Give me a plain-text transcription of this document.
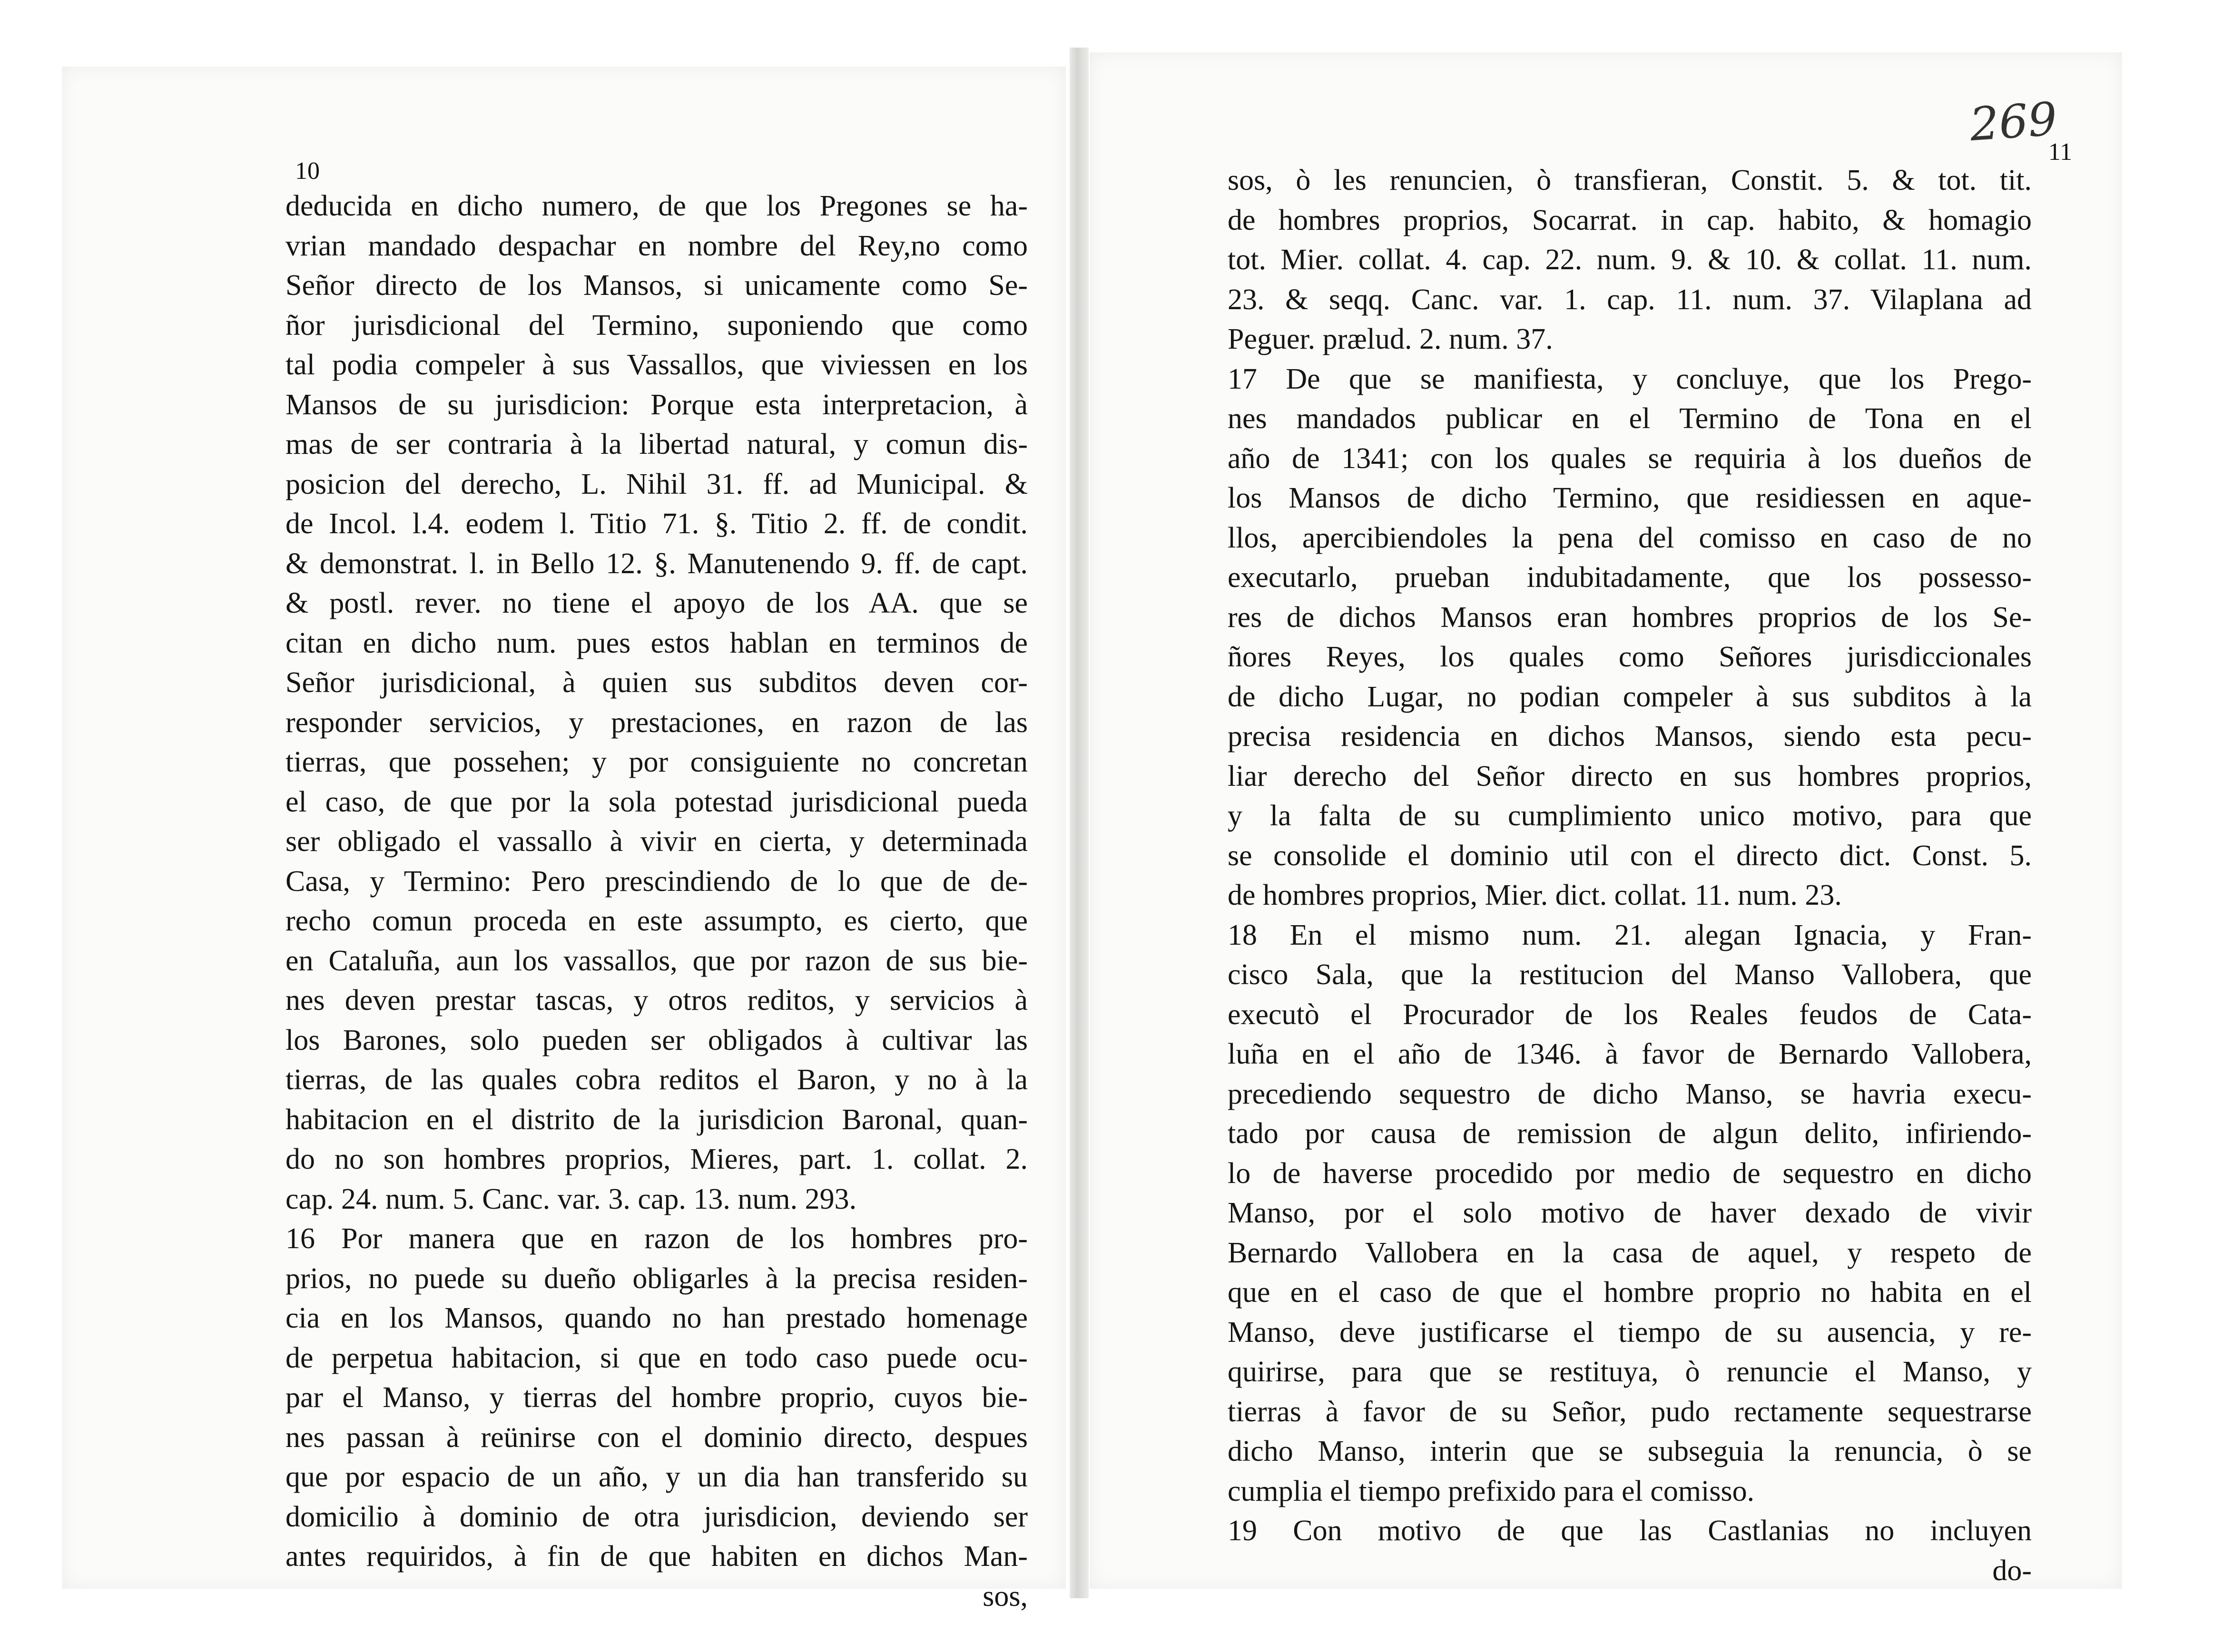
10
11
269
deducida en dicho numero, de que los Pregones se ha-
vrian mandado despachar en nombre del Rey,no como
Señor directo de los Mansos, si unicamente como Se-
ñor jurisdicional del Termino, suponiendo que como
tal podia compeler à sus Vassallos, que viviessen en los
Mansos de su jurisdicion: Porque esta interpretacion, à
mas de ser contraria à la libertad natural, y comun dis-
posicion del derecho, L. Nihil 31. ff. ad Municipal. &
de Incol. l.4. eodem l. Titio 71. §. Titio 2. ff. de condit.
& demonstrat. l. in Bello 12. §. Manutenendo 9. ff. de capt.
& postl. rever. no tiene el apoyo de los AA. que se
citan en dicho num. pues estos hablan en terminos de
Señor jurisdicional, à quien sus subditos deven cor-
responder servicios, y prestaciones, en razon de las
tierras, que possehen; y por consiguiente no concretan
el caso, de que por la sola potestad jurisdicional pueda
ser obligado el vassallo à vivir en cierta, y determinada
Casa, y Termino: Pero prescindiendo de lo que de de-
recho comun proceda en este assumpto, es cierto, que
en Cataluña, aun los vassallos, que por razon de sus bie-
nes deven prestar tascas, y otros reditos, y servicios à
los Barones, solo pueden ser obligados à cultivar las
tierras, de las quales cobra reditos el Baron, y no à la
habitacion en el distrito de la jurisdicion Baronal, quan-
do no son hombres proprios, Mieres, part. 1. collat. 2.
cap. 24. num. 5. Canc. var. 3. cap. 13. num. 293.
16 Por manera que en razon de los hombres pro-
prios, no puede su dueño obligarles à la precisa residen-
cia en los Mansos, quando no han prestado homenage
de perpetua habitacion, si que en todo caso puede ocu-
par el Manso, y tierras del hombre proprio, cuyos bie-
nes passan à reünirse con el dominio directo, despues
que por espacio de un año, y un dia han transferido su
domicilio à dominio de otra jurisdicion, deviendo ser
antes requiridos, à fin de que habiten en dichos Man-
sos,
sos, ò les renuncien, ò transfieran, Constit. 5. & tot. tit.
de hombres proprios, Socarrat. in cap. habito, & homagio
tot. Mier. collat. 4. cap. 22. num. 9. & 10. & collat. 11. num.
23. & seqq. Canc. var. 1. cap. 11. num. 37. Vilaplana ad
Peguer. prælud. 2. num. 37.
17 De que se manifiesta, y concluye, que los Prego-
nes mandados publicar en el Termino de Tona en el
año de 1341; con los quales se requiria à los dueños de
los Mansos de dicho Termino, que residiessen en aque-
llos, apercibiendoles la pena del comisso en caso de no
executarlo, prueban indubitadamente, que los possesso-
res de dichos Mansos eran hombres proprios de los Se-
ñores Reyes, los quales como Señores jurisdiccionales
de dicho Lugar, no podian compeler à sus subditos à la
precisa residencia en dichos Mansos, siendo esta pecu-
liar derecho del Señor directo en sus hombres proprios,
y la falta de su cumplimiento unico motivo, para que
se consolide el dominio util con el directo dict. Const. 5.
de hombres proprios, Mier. dict. collat. 11. num. 23.
18 En el mismo num. 21. alegan Ignacia, y Fran-
cisco Sala, que la restitucion del Manso Vallobera, que
executò el Procurador de los Reales feudos de Cata-
luña en el año de 1346. à favor de Bernardo Vallobera,
precediendo sequestro de dicho Manso, se havria execu-
tado por causa de remission de algun delito, infiriendo-
lo de haverse procedido por medio de sequestro en dicho
Manso, por el solo motivo de haver dexado de vivir
Bernardo Vallobera en la casa de aquel, y respeto de
que en el caso de que el hombre proprio no habita en el
Manso, deve justificarse el tiempo de su ausencia, y re-
quirirse, para que se restituya, ò renuncie el Manso, y
tierras à favor de su Señor, pudo rectamente sequestrarse
dicho Manso, interin que se subseguia la renuncia, ò se
cumplia el tiempo prefixido para el comisso.
19 Con motivo de que las Castlanias no incluyen
do-
